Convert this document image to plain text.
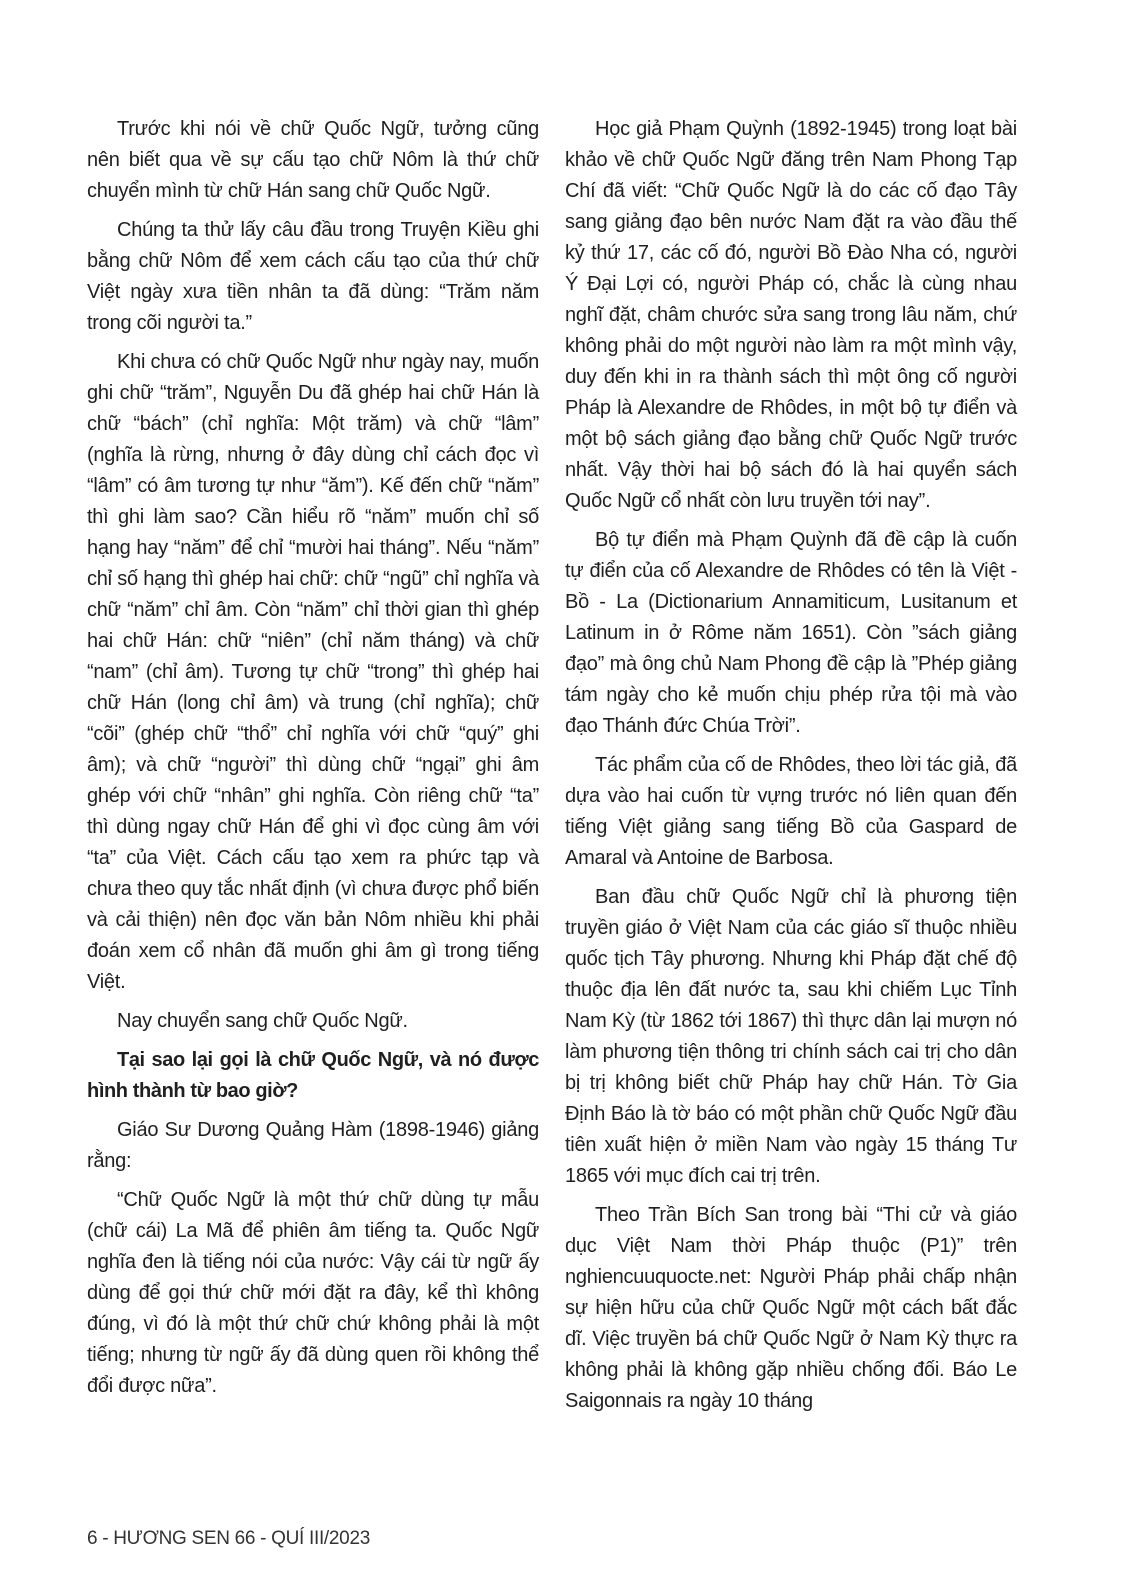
Trước khi nói về chữ Quốc Ngữ, tưởng cũng nên biết qua về sự cấu tạo chữ Nôm là thứ chữ chuyển mình từ chữ Hán sang chữ Quốc Ngữ.

Chúng ta thử lấy câu đầu trong Truyện Kiều ghi bằng chữ Nôm để xem cách cấu tạo của thứ chữ Việt ngày xưa tiền nhân ta đã dùng: “Trăm năm trong cõi người ta.”

Khi chưa có chữ Quốc Ngữ như ngày nay, muốn ghi chữ “trăm”, Nguyễn Du đã ghép hai chữ Hán là chữ “bách” (chỉ nghĩa: Một trăm) và chữ “lâm” (nghĩa là rừng, nhưng ở đây dùng chỉ cách đọc vì “lâm” có âm tương tự như “ăm”). Kế đến chữ “năm” thì ghi làm sao? Cần hiểu rõ “năm” muốn chỉ số hạng hay “năm” để chỉ “mười hai tháng”. Nếu “năm” chỉ số hạng thì ghép hai chữ: chữ “ngũ” chỉ nghĩa và chữ “năm” chỉ âm. Còn “năm” chỉ thời gian thì ghép hai chữ Hán: chữ “niên” (chỉ năm tháng) và chữ “nam” (chỉ âm). Tương tự chữ “trong” thì ghép hai chữ Hán (long chỉ âm) và trung (chỉ nghĩa); chữ “cõi” (ghép chữ “thổ” chỉ nghĩa với chữ “quý” ghi âm); và chữ “người” thì dùng chữ “ngại” ghi âm ghép với chữ “nhân” ghi nghĩa. Còn riêng chữ “ta” thì dùng ngay chữ Hán để ghi vì đọc cùng âm với “ta” của Việt. Cách cấu tạo xem ra phức tạp và chưa theo quy tắc nhất định (vì chưa được phổ biến và cải thiện) nên đọc văn bản Nôm nhiều khi phải đoán xem cổ nhân đã muốn ghi âm gì trong tiếng Việt.

Nay chuyển sang chữ Quốc Ngữ.

Tại sao lại gọi là chữ Quốc Ngữ, và nó được hình thành từ bao giờ?

Giáo Sư Dương Quảng Hàm (1898-1946) giảng rằng:

“Chữ Quốc Ngữ là một thứ chữ dùng tự mẫu (chữ cái) La Mã để phiên âm tiếng ta. Quốc Ngữ nghĩa đen là tiếng nói của nước: Vậy cái từ ngữ ấy dùng để gọi thứ chữ mới đặt ra đây, kể thì không đúng, vì đó là một thứ chữ chứ không phải là một tiếng; nhưng từ ngữ ấy đã dùng quen rồi không thể đổi được nữa”.

Học giả Phạm Quỳnh (1892-1945) trong loạt bài khảo về chữ Quốc Ngữ đăng trên Nam Phong Tạp Chí đã viết: “Chữ Quốc Ngữ là do các cố đạo Tây sang giảng đạo bên nước Nam đặt ra vào đầu thế kỷ thứ 17, các cố đó, người Bồ Đào Nha có, người Ý Đại Lợi có, người Pháp có, chắc là cùng nhau nghĩ đặt, châm chước sửa sang trong lâu năm, chứ không phải do một người nào làm ra một mình vậy, duy đến khi in ra thành sách thì một ông cố người Pháp là Alexandre de Rhôdes, in một bộ tự điển và một bộ sách giảng đạo bằng chữ Quốc Ngữ trước nhất. Vậy thời hai bộ sách đó là hai quyển sách Quốc Ngữ cổ nhất còn lưu truyền tới nay”.

Bộ tự điển mà Phạm Quỳnh đã đề cập là cuốn tự điển của cố Alexandre de Rhôdes có tên là Việt - Bồ - La (Dictionarium Annamiticum, Lusitanum et Latinum in ở Rôme năm 1651). Còn ”sách giảng đạo” mà ông chủ Nam Phong đề cập là ”Phép giảng tám ngày cho kẻ muốn chịu phép rửa tội mà vào đạo Thánh đức Chúa Trời”.

Tác phẩm của cố de Rhôdes, theo lời tác giả, đã dựa vào hai cuốn từ vựng trước nó liên quan đến tiếng Việt giảng sang tiếng Bồ của Gaspard de Amaral và Antoine de Barbosa.

Ban đầu chữ Quốc Ngữ chỉ là phương tiện truyền giáo ở Việt Nam của các giáo sĩ thuộc nhiều quốc tịch Tây phương. Nhưng khi Pháp đặt chế độ thuộc địa lên đất nước ta, sau khi chiếm Lục Tỉnh Nam Kỳ (từ 1862 tới 1867) thì thực dân lại mượn nó làm phương tiện thông tri chính sách cai trị cho dân bị trị không biết chữ Pháp hay chữ Hán. Tờ Gia Định Báo là tờ báo có một phần chữ Quốc Ngữ đầu tiên xuất hiện ở miền Nam vào ngày 15 tháng Tư 1865 với mục đích cai trị trên.

Theo Trần Bích San trong bài “Thi cử và giáo dục Việt Nam thời Pháp thuộc (P1)” trên nghiencuuquocte.net: Người Pháp phải chấp nhận sự hiện hữu của chữ Quốc Ngữ một cách bất đắc dĩ. Việc truyền bá chữ Quốc Ngữ ở Nam Kỳ thực ra không phải là không gặp nhiều chống đối. Báo Le Saigonnais ra ngày 10 tháng

6 - HƯƠNG SEN 66 - QUÍ III/2023
